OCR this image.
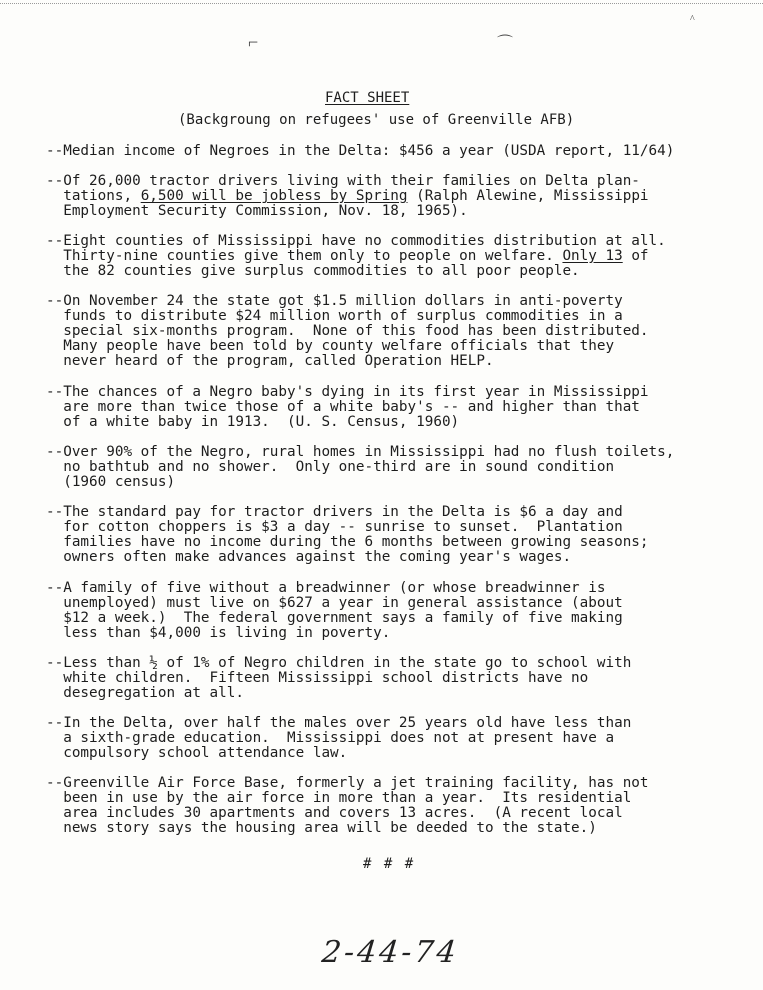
⌐	⌒
^
FACT SHEET
(Backgroung on refugees' use of Greenville AFB)
--Median income of Negroes in the Delta: $456 a year (USDA report, 11/64)
--Of 26,000 tractor drivers living with their families on Delta plan-
tations, 6,500 will be jobless by Spring (Ralph Alewine, Mississippi
Employment Security Commission, Nov. 18, 1965).
--Eight counties of Mississippi have no commodities distribution at all.
Thirty-nine counties give them only to people on welfare. Only 13 of
the 82 counties give surplus commodities to all poor people.
--On November 24 the state got $1.5 million dollars in anti-poverty
funds to distribute $24 million worth of surplus commodities in a
special six-months program.  None of this food has been distributed.
Many people have been told by county welfare officials that they
never heard of the program, called Operation HELP.
--The chances of a Negro baby's dying in its first year in Mississippi
are more than twice those of a white baby's -- and higher than that
of a white baby in 1913.  (U. S. Census, 1960)
--Over 90% of the Negro, rural homes in Mississippi had no flush toilets,
no bathtub and no shower.  Only one-third are in sound condition
(1960 census)
--The standard pay for tractor drivers in the Delta is $6 a day and
for cotton choppers is $3 a day -- sunrise to sunset.  Plantation
families have no income during the 6 months between growing seasons;
owners often make advances against the coming year's wages.
--A family of five without a breadwinner (or whose breadwinner is
unemployed) must live on $627 a year in general assistance (about
$12 a week.)  The federal government says a family of five making
less than $4,000 is living in poverty.
--Less than ½ of 1% of Negro children in the state go to school with
white children.  Fifteen Mississippi school districts have no
desegregation at all.
--In the Delta, over half the males over 25 years old have less than
a sixth-grade education.  Mississippi does not at present have a
compulsory school attendance law.
--Greenville Air Force Base, formerly a jet training facility, has not
been in use by the air force in more than a year.  Its residential
area includes 30 apartments and covers 13 acres.  (A recent local
news story says the housing area will be deeded to the state.)
# # #
2-44-74
